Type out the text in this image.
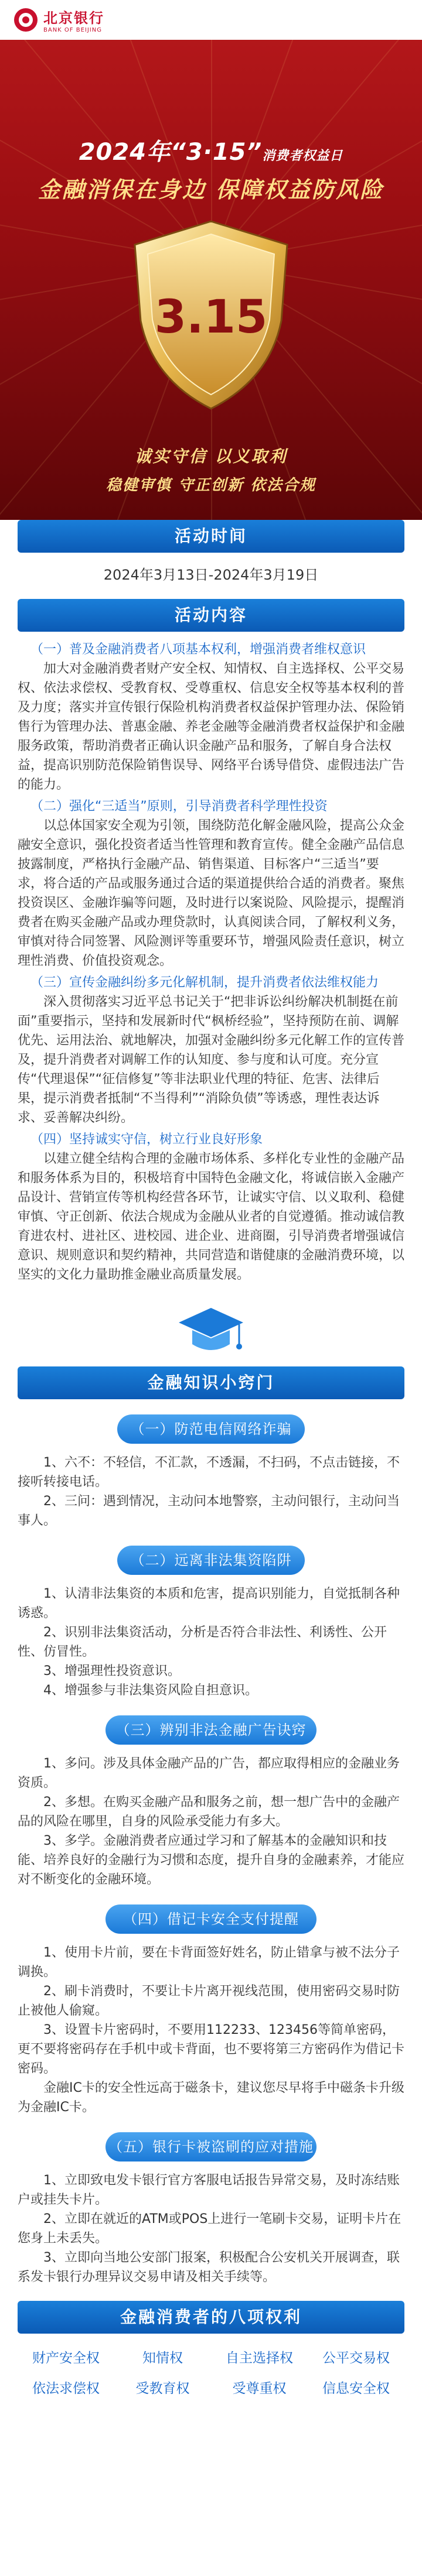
北京银行
BANK OF BEIJING
2024年“3·15”消费者权益日
金融消保在身边 保障权益防风险
3.15
诚实守信 以义取利
稳健审慎 守正创新 依法合规
活动时间
2024年3月13日-2024年3月19日
活动内容

（一）普及金融消费者八项基本权利，增强消费者维权意识

加大对金融消费者财产安全权、知情权、自主选择权、公平交易权、依法求偿权、受教育权、受尊重权、信息安全权等基本权利的普及力度；落实并宣传银行保险机构消费者权益保护管理办法、保险销售行为管理办法、普惠金融、养老金融等金融消费者权益保护和金融服务政策，帮助消费者正确认识金融产品和服务，了解自身合法权益，提高识别防范保险销售误导、网络平台诱导借贷、虚假违法广告的能力。

（二）强化“三适当”原则，引导消费者科学理性投资

以总体国家安全观为引领，围绕防范化解金融风险，提高公众金融安全意识，强化投资者适当性管理和教育宣传。健全金融产品信息披露制度，严格执行金融产品、销售渠道、目标客户“三适当”要求，将合适的产品或服务通过合适的渠道提供给合适的消费者。聚焦投资误区、金融诈骗等问题，及时进行以案说险、风险提示，提醒消费者在购买金融产品或办理贷款时，认真阅读合同，了解权利义务，审慎对待合同签署、风险测评等重要环节，增强风险责任意识，树立理性消费、价值投资观念。

（三）宣传金融纠纷多元化解机制，提升消费者依法维权能力

深入贯彻落实习近平总书记关于“把非诉讼纠纷解决机制挺在前面”重要指示，坚持和发展新时代“枫桥经验”，坚持预防在前、调解优先、运用法治、就地解决，加强对金融纠纷多元化解工作的宣传普及，提升消费者对调解工作的认知度、参与度和认可度。充分宣传“代理退保”“征信修复”等非法职业代理的特征、危害、法律后果，提示消费者抵制“不当得利”“消除负债”等诱惑，理性表达诉求、妥善解决纠纷。

（四）坚持诚实守信，树立行业良好形象

以建立健全结构合理的金融市场体系、多样化专业性的金融产品和服务体系为目的，积极培育中国特色金融文化，将诚信嵌入金融产品设计、营销宣传等机构经营各环节，让诚实守信、以义取利、稳健审慎、守正创新、依法合规成为金融从业者的自觉遵循。推动诚信教育进农村、进社区、进校园、进企业、进商圈，引导消费者增强诚信意识、规则意识和契约精神，共同营造和谐健康的金融消费环境，以坚实的文化力量助推金融业高质量发展。

金融知识小窍门
（一）防范电信网络诈骗

1、六不：不轻信，不汇款，不透漏，不扫码，不点击链接，不接听转接电话。

2、三问：遇到情况，主动问本地警察，主动问银行，主动问当事人。

（二）远离非法集资陷阱

1、认清非法集资的本质和危害，提高识别能力，自觉抵制各种诱惑。

2、识别非法集资活动，分析是否符合非法性、利诱性、公开性、仿冒性。

3、增强理性投资意识。

4、增强参与非法集资风险自担意识。

（三）辨别非法金融广告诀窍

1、多问。涉及具体金融产品的广告，都应取得相应的金融业务资质。

2、多想。在购买金融产品和服务之前，想一想广告中的金融产品的风险在哪里，自身的风险承受能力有多大。

3、多学。金融消费者应通过学习和了解基本的金融知识和技能、培养良好的金融行为习惯和态度，提升自身的金融素养，才能应对不断变化的金融环境。

（四）借记卡安全支付提醒

1、使用卡片前，要在卡背面签好姓名，防止错拿与被不法分子调换。

2、刷卡消费时，不要让卡片离开视线范围，使用密码交易时防止被他人偷窥。

3、设置卡片密码时，不要用112233、123456等简单密码，更不要将密码存在手机中或卡背面，也不要将第三方密码作为借记卡密码。

金融IC卡的安全性远高于磁条卡，建议您尽早将手中磁条卡升级为金融IC卡。

（五）银行卡被盗刷的应对措施

1、立即致电发卡银行官方客服电话报告异常交易，及时冻结账户或挂失卡片。

2、立即在就近的ATM或POS上进行一笔刷卡交易，证明卡片在您身上未丢失。

3、立即向当地公安部门报案，积极配合公安机关开展调查，联系发卡银行办理异议交易申请及相关手续等。

金融消费者的八项权利
财产安全权	知情权	自主选择权	公平交易权
依法求偿权	受教育权	受尊重权	信息安全权
